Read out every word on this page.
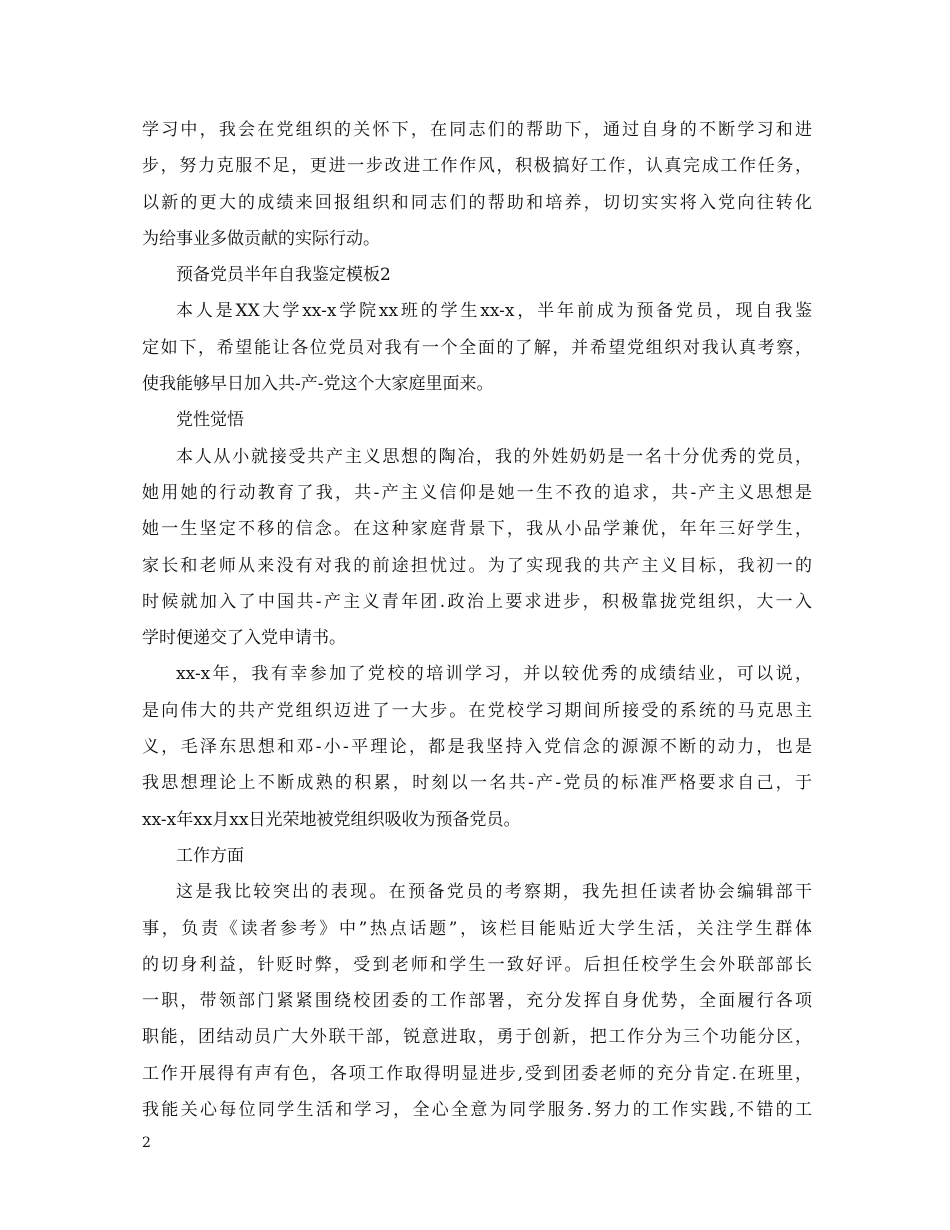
学习中，我会在党组织的关怀下，在同志们的帮助下，通过自身的不断学习和进
步，努力克服不足，更进一步改进工作作风，积极搞好工作，认真完成工作任务，
以新的更大的成绩来回报组织和同志们的帮助和培养，切切实实将入党向往转化
为给事业多做贡献的实际行动。
预备党员半年自我鉴定模板2
本人是XX大学xx-x学院xx班的学生xx-x，半年前成为预备党员，现自我鉴
定如下，希望能让各位党员对我有一个全面的了解，并希望党组织对我认真考察，
使我能够早日加入共-产-党这个大家庭里面来。
党性觉悟
本人从小就接受共产主义思想的陶冶，我的外姓奶奶是一名十分优秀的党员，
她用她的行动教育了我，共-产主义信仰是她一生不孜的追求，共-产主义思想是
她一生坚定不移的信念。在这种家庭背景下，我从小品学兼优，年年三好学生，
家长和老师从来没有对我的前途担忧过。为了实现我的共产主义目标，我初一的
时候就加入了中国共-产主义青年团.政治上要求进步，积极靠拢党组织，大一入
学时便递交了入党申请书。
xx-x年，我有幸参加了党校的培训学习，并以较优秀的成绩结业，可以说，
是向伟大的共产党组织迈进了一大步。在党校学习期间所接受的系统的马克思主
义，毛泽东思想和邓-小-平理论，都是我坚持入党信念的源源不断的动力，也是
我思想理论上不断成熟的积累，时刻以一名共-产-党员的标准严格要求自己，于
xx-x年xx月xx日光荣地被党组织吸收为预备党员。
工作方面
这是我比较突出的表现。在预备党员的考察期，我先担任读者协会编辑部干
事，负责《读者参考》中”热点话题”，该栏目能贴近大学生活，关注学生群体
的切身利益，针贬时弊，受到老师和学生一致好评。后担任校学生会外联部部长
一职，带领部门紧紧围绕校团委的工作部署，充分发挥自身优势，全面履行各项
职能，团结动员广大外联干部，锐意进取，勇于创新，把工作分为三个功能分区，
工作开展得有声有色，各项工作取得明显进步,受到团委老师的充分肯定.在班里，
我能关心每位同学生活和学习，全心全意为同学服务.努力的工作实践,不错的工
2
